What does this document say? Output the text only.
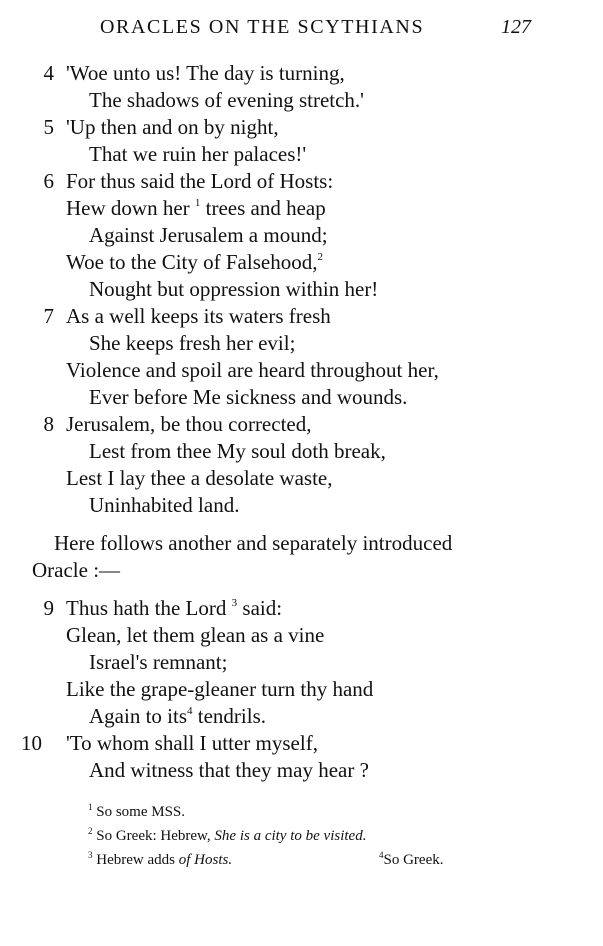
ORACLES ON THE SCYTHIANS	127
4 'Woe unto us! The day is turning,
The shadows of evening stretch.'
5 'Up then and on by night,
That we ruin her palaces!'
6 For thus said the Lord of Hosts:
Hew down her $^1$ trees and heap
Against Jerusalem a mound;
Woe to the City of Falsehood,$^2$
Nought but oppression within her!
7 As a well keeps its waters fresh
She keeps fresh her evil;
Violence and spoil are heard throughout her,
Ever before Me sickness and wounds.
8 Jerusalem, be thou corrected,
Lest from thee My soul doth break,
Lest I lay thee a desolate waste,
Uninhabited land.
Here follows another and separately introduced
Oracle :—
9 Thus hath the Lord $^3$ said:
Glean, let them glean as a vine
Israel's remnant;
Like the grape-gleaner turn thy hand
Again to its$^4$ tendrils.
10 'To whom shall I utter myself,
And witness that they may hear ?
$^1$ So some MSS.
$^2$ So Greek: Hebrew, She is a city to be visited.
$^3$ Hebrew adds of Hosts.	$^4$So Greek.
